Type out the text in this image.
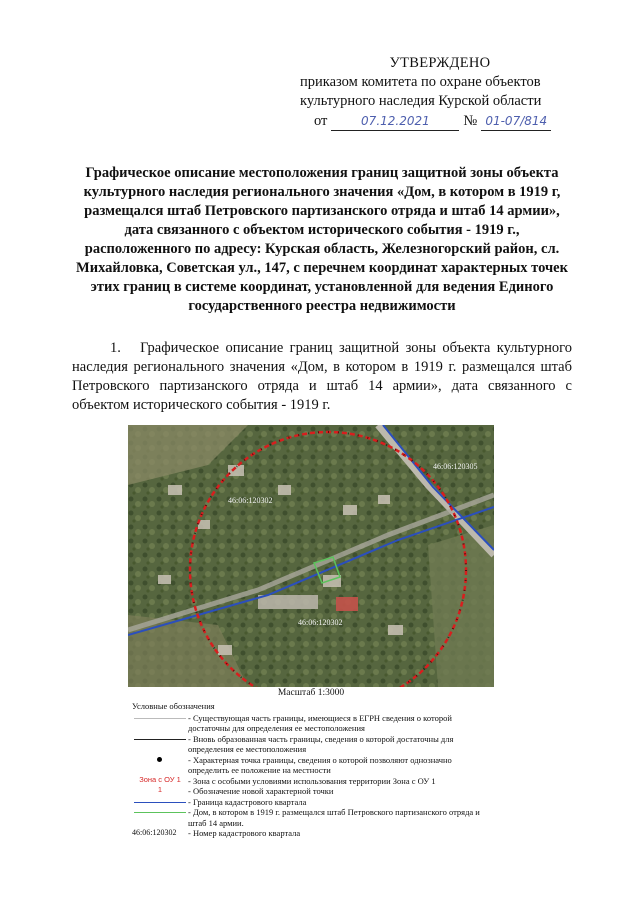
УТВЕРЖДЕНО
приказом комитета по охране объектов
культурного наследия Курской области
от	07.12.2021	№ 01-07/814
Графическое описание местоположения границ защитной зоны объекта культурного наследия регионального значения «Дом, в котором в 1919 г, размещался штаб Петровского партизанского отряда и штаб 14 армии», дата связанного с объектом исторического события - 1919 г., расположенного по адресу: Курская область, Железногорский район, сл. Михайловка, Советская ул., 147, с перечнем координат характерных точек этих границ в системе координат, установленной для ведения Единого государственного реестра недвижимости
1. Графическое описание границ защитной зоны объекта культурного наследия регионального значения «Дом, в котором в 1919 г. размещался штаб Петровского партизанского отряда и штаб 14 армии», дата связанного с объектом исторического события - 1919 г.
46:06:120305
46:06:120302
46:06:120302
Масштаб 1:3000
Условные обозначения
- Существующая часть границы, имеющиеся в ЕГРН сведения о которой достаточны для определения ее местоположения
- Вновь образованная часть границы, сведения о которой достаточны для определения ее местоположения
- Характерная точка границы, сведения о которой позволяют однозначно определить ее положение на местности
Зона с ОУ 1 - Зона с особыми условиями использования территории Зона с ОУ 1
1	- Обозначение новой характерной точки
- Граница кадастрового квартала
- Дом, в котором в 1919 г. размещался штаб Петровского партизанского отряда и штаб 14 армии.
46:06:120302	- Номер кадастрового квартала
